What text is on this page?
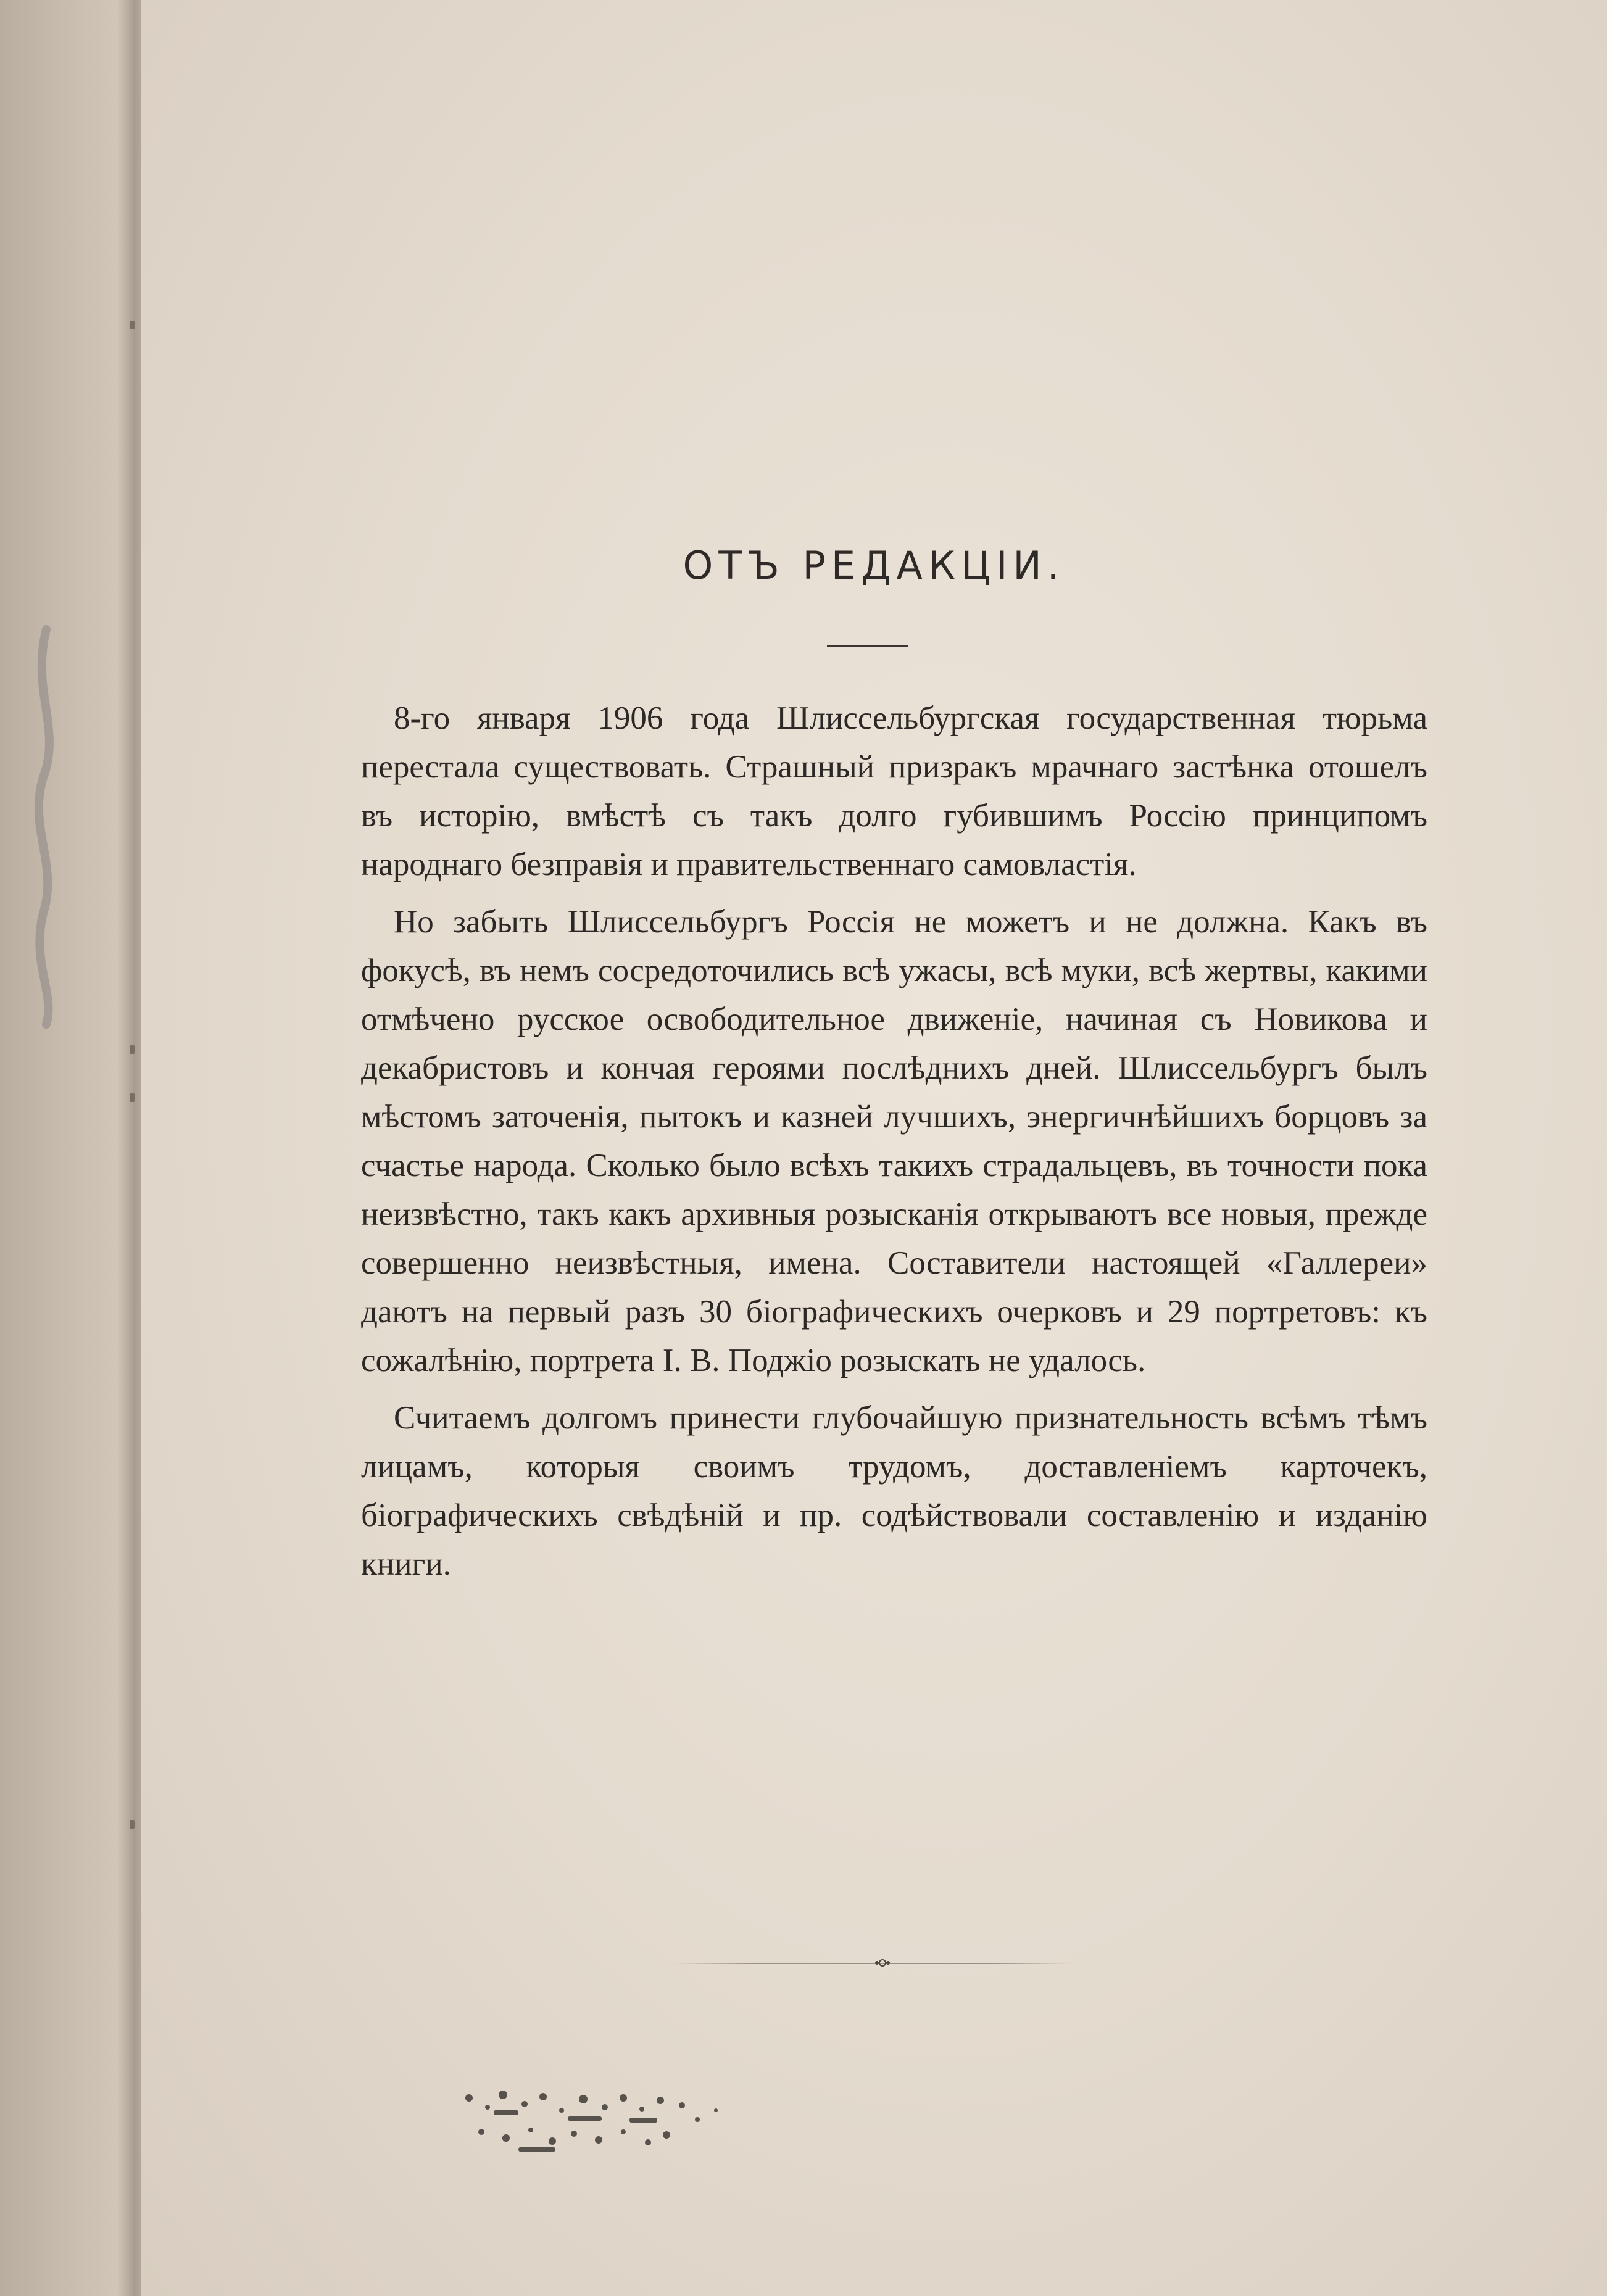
ОТЪ РЕДАКЦІИ.

8-го января 1906 года Шлиссельбургская государственная тюрьма перестала существовать. Страшный призракъ мрачнаго застѣнка отошелъ въ исторію, вмѣстѣ съ такъ долго губившимъ Россію принципомъ народнаго безправія и правительственнаго самовластія.

Но забыть Шлиссельбургъ Россія не можетъ и не должна. Какъ въ фокусѣ, въ немъ сосредоточились всѣ ужасы, всѣ муки, всѣ жертвы, какими отмѣчено русское освободительное движеніе, начиная съ Новикова и декабристовъ и кончая героями послѣднихъ дней. Шлиссельбургъ былъ мѣстомъ заточенія, пытокъ и казней лучшихъ, энергичнѣйшихъ борцовъ за счастье народа. Сколько было всѣхъ такихъ страдальцевъ, въ точности пока неизвѣстно, такъ какъ архивныя розысканія открываютъ все новыя, прежде совершенно неизвѣстныя, имена. Составители настоящей «Галлереи» даютъ на первый разъ 30 біографическихъ очерковъ и 29 портретовъ: къ сожалѣнію, портрета І. В. Поджіо розыскать не удалось.

Считаемъ долгомъ принести глубочайшую признательность всѣмъ тѣмъ лицамъ, которыя своимъ трудомъ, доставленіемъ карточекъ, біографическихъ свѣдѣній и пр. содѣйствовали составленію и изданію книги.
